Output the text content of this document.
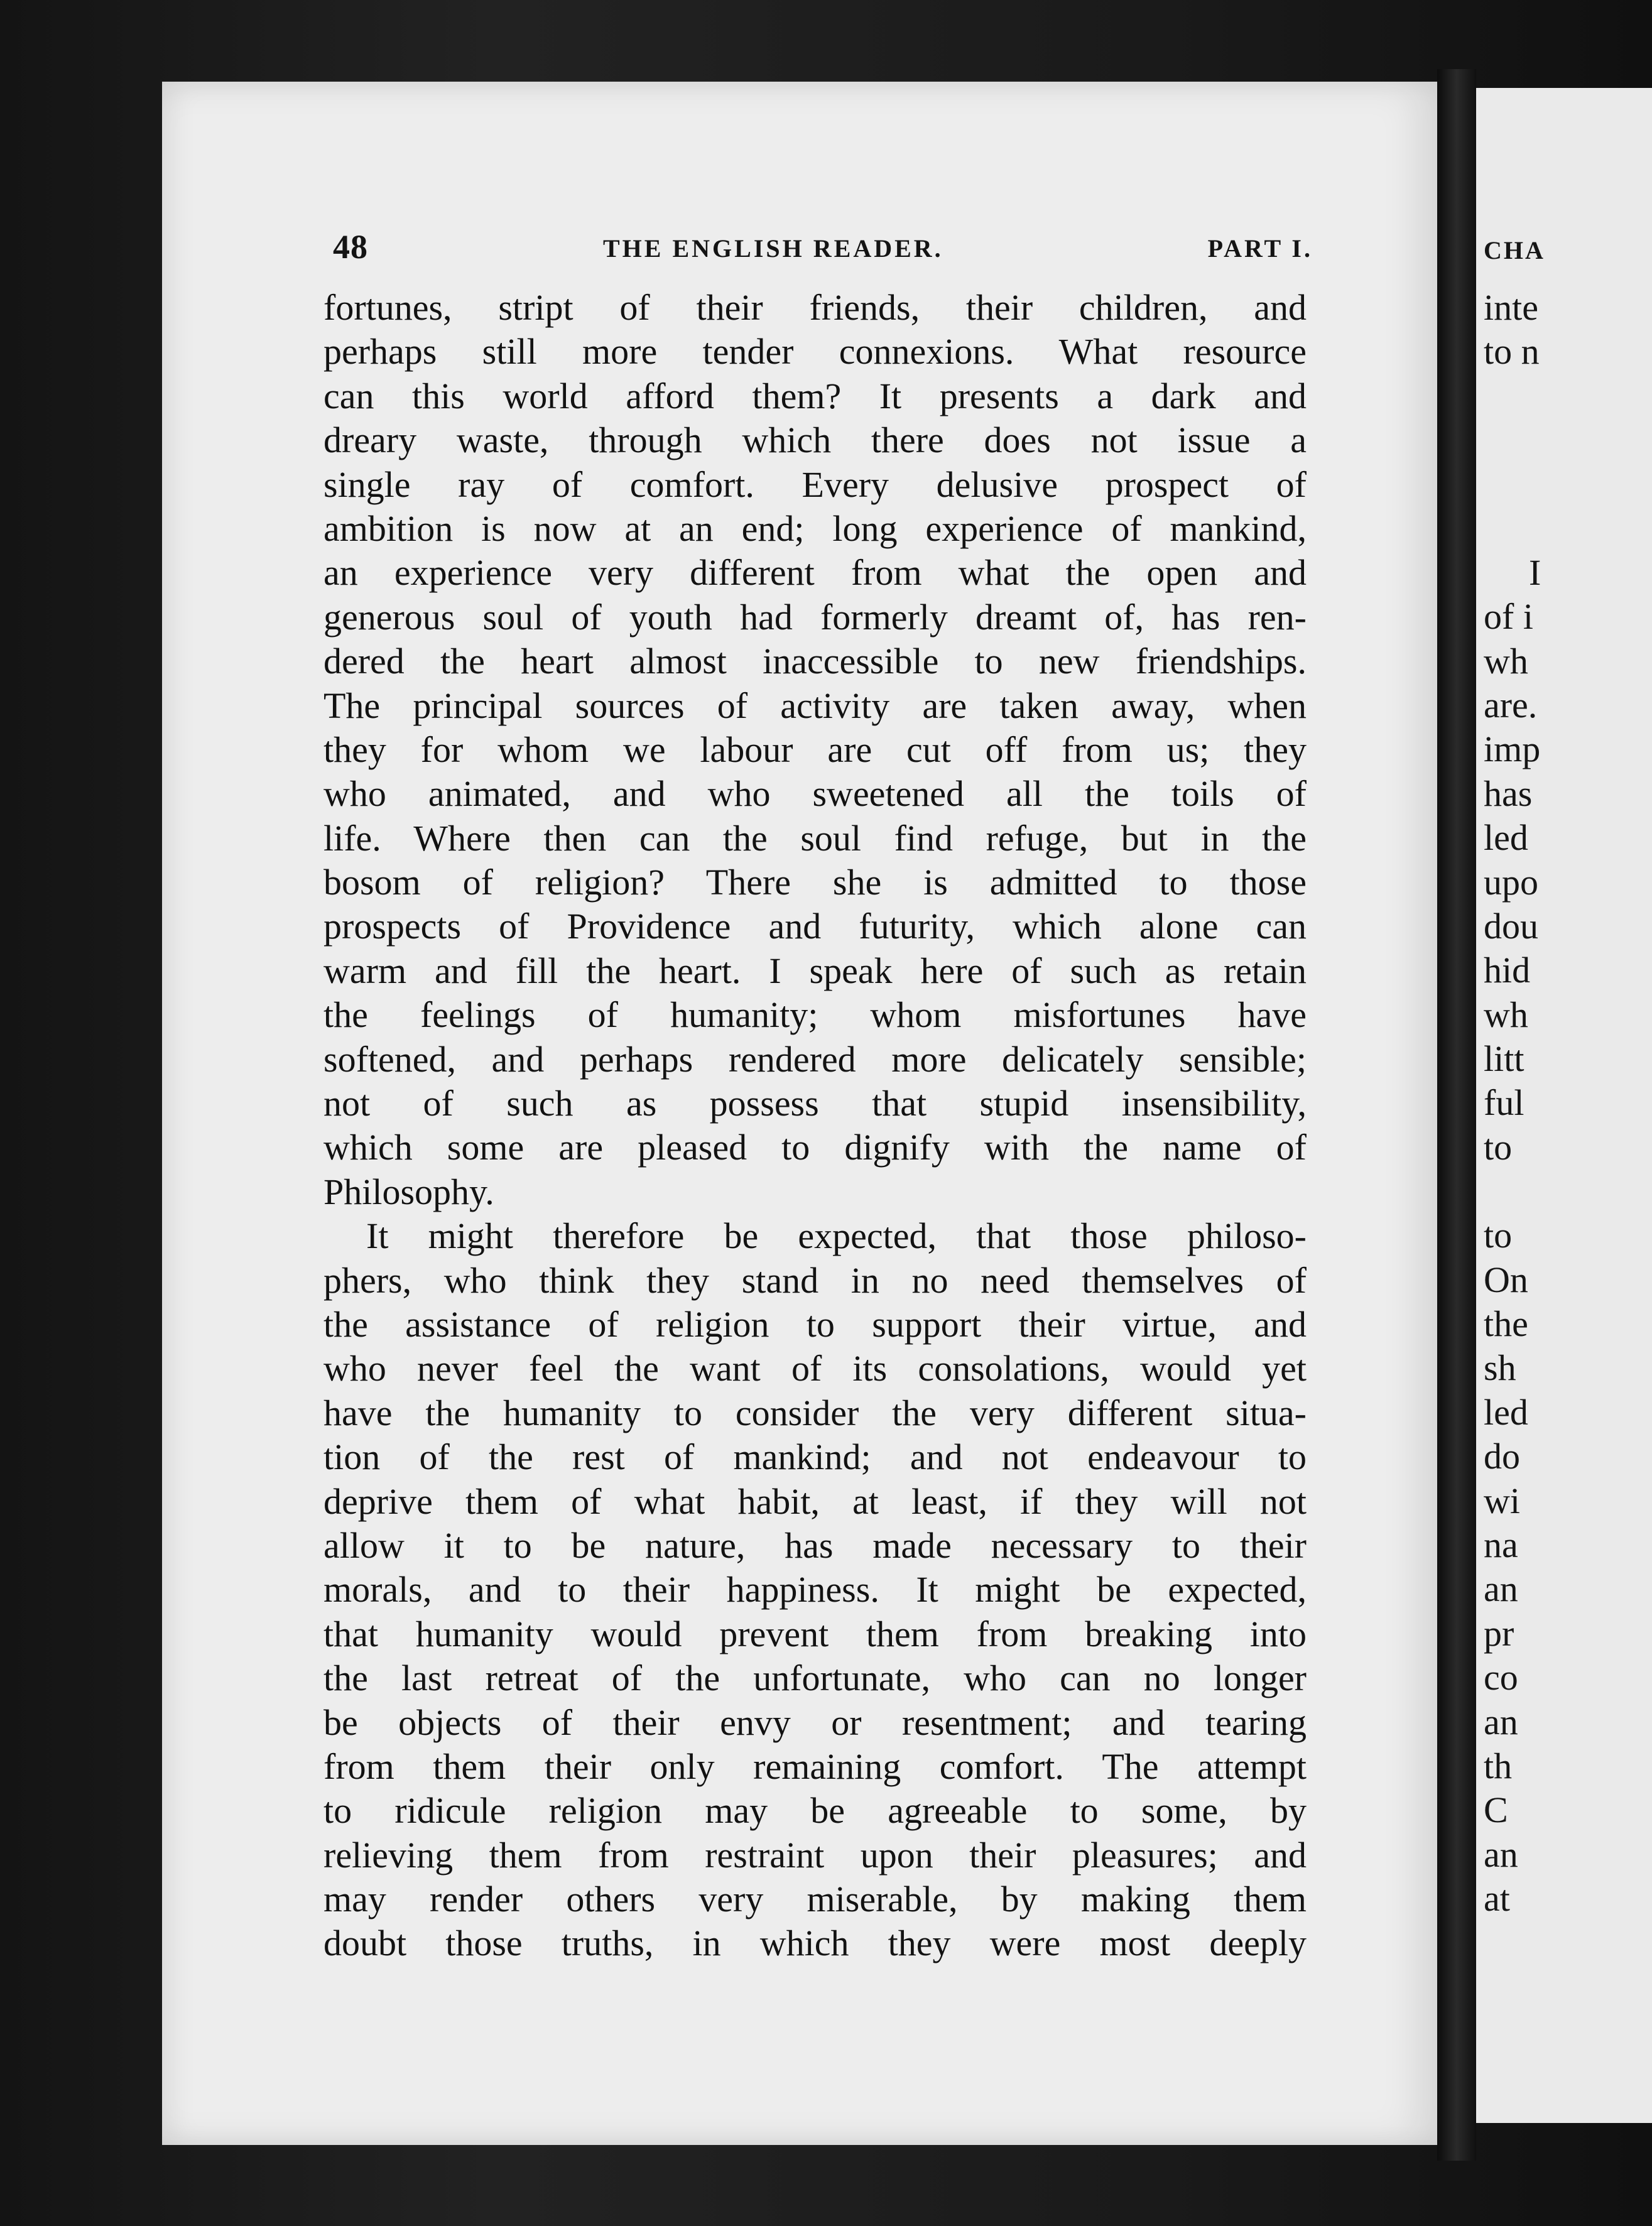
48	THE ENGLISH READER.	PART I.
fortunes, stript of their friends, their children, and
perhaps still more tender connexions. What resource
can this world afford them? It presents a dark and
dreary waste, through which there does not issue a
single ray of comfort. Every delusive prospect of
ambition is now at an end; long experience of mankind,
an experience very different from what the open and
generous soul of youth had formerly dreamt of, has ren-
dered the heart almost inaccessible to new friendships.
The principal sources of activity are taken away, when
they for whom we labour are cut off from us; they
who animated, and who sweetened all the toils of
life. Where then can the soul find refuge, but in the
bosom of religion? There she is admitted to those
prospects of Providence and futurity, which alone can
warm and fill the heart. I speak here of such as retain
the feelings of humanity; whom misfortunes have
softened, and perhaps rendered more delicately sensible;
not of such as possess that stupid insensibility,
which some are pleased to dignify with the name of
Philosophy.
It might therefore be expected, that those philoso-
phers, who think they stand in no need themselves of
the assistance of religion to support their virtue, and
who never feel the want of its consolations, would yet
have the humanity to consider the very different situa-
tion of the rest of mankind; and not endeavour to
deprive them of what habit, at least, if they will not
allow it to be nature, has made necessary to their
morals, and to their happiness. It might be expected,
that humanity would prevent them from breaking into
the last retreat of the unfortunate, who can no longer
be objects of their envy or resentment; and tearing
from them their only remaining comfort. The attempt
to ridicule religion may be agreeable to some, by
relieving them from restraint upon their pleasures; and
may render others very miserable, by making them
doubt those truths, in which they were most deeply
CHA
inte
to n
I
of i
wh
are.
imp
has
led
upo
dou
hid
wh
litt
ful
to
to
On
the
sh
led
do
wi
na
an
pr
co
an
th
C
an
at
